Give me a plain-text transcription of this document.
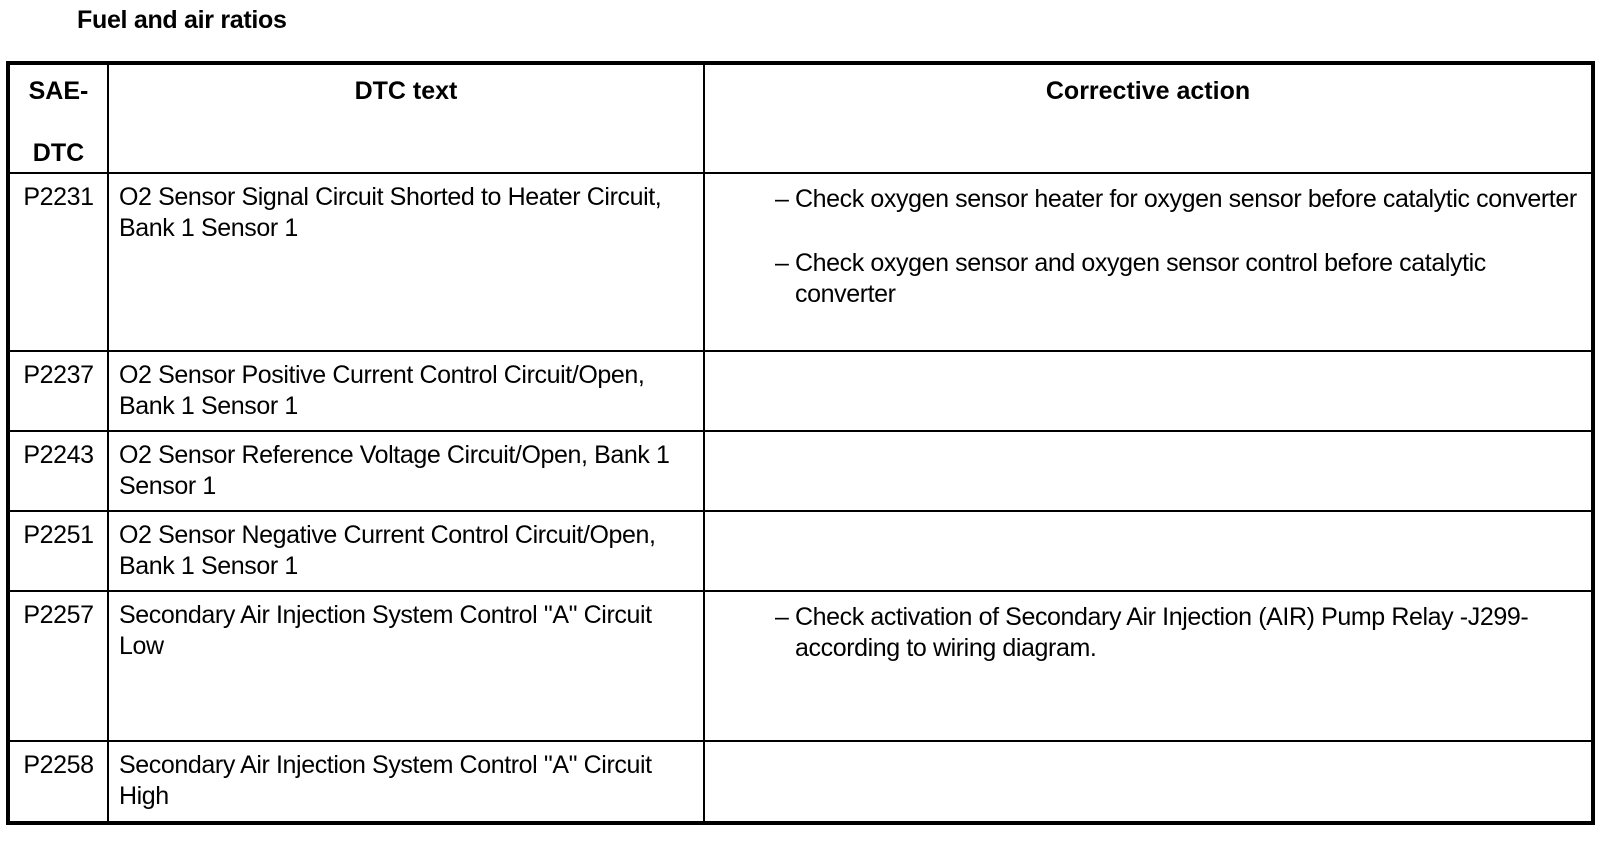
Fuel and air ratios
SAE-
DTC	DTC text	Corrective action

P2231	O2 Sensor Signal Circuit Shorted to Heater Circuit, Bank 1 Sensor 1	– Check oxygen sensor heater for oxygen sensor before catalytic converter
– Check oxygen sensor and oxygen sensor control before catalytic converter

P2237	O2 Sensor Positive Current Control Circuit/Open, Bank 1 Sensor 1	
P2243	O2 Sensor Reference Voltage Circuit/Open, Bank 1 Sensor 1	
P2251	O2 Sensor Negative Current Control Circuit/Open, Bank 1 Sensor 1	
P2257	Secondary Air Injection System Control "A" Circuit Low	– Check activation of Secondary Air Injection (AIR) Pump Relay -J299- according to wiring diagram.

P2258	Secondary Air Injection System Control "A" Circuit High	
